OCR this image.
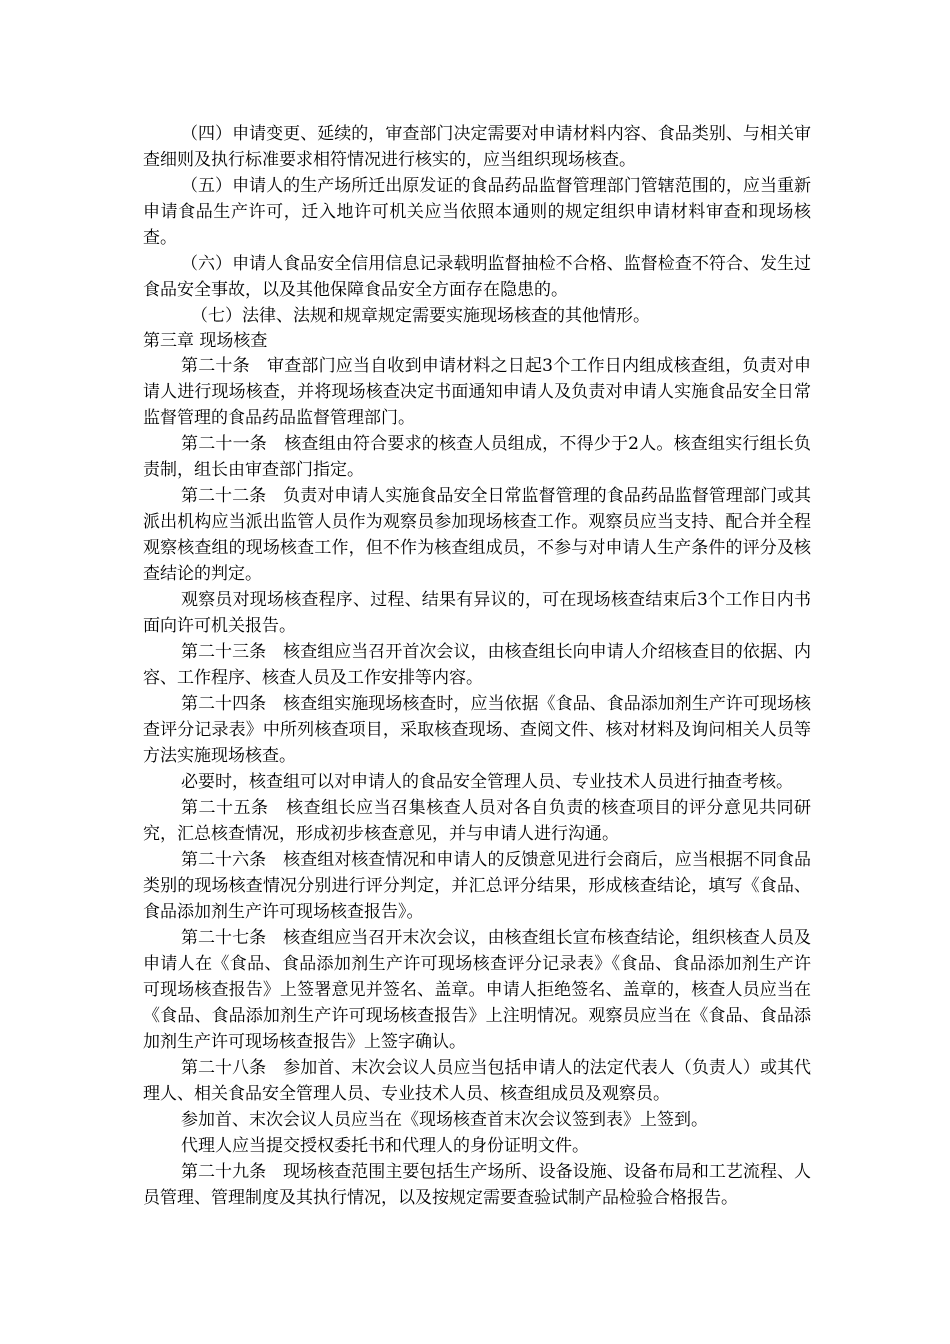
（四）申请变更、延续的，审查部门决定需要对申请材料内容、食品类别、与相关审查细则及执行标准要求相符情况进行核实的，应当组织现场核查。

（五）申请人的生产场所迁出原发证的食品药品监督管理部门管辖范围的，应当重新申请食品生产许可，迁入地许可机关应当依照本通则的规定组织申请材料审查和现场核查。

（六）申请人食品安全信用信息记录载明监督抽检不合格、监督检查不符合、发生过食品安全事故，以及其他保障食品安全方面存在隐患的。

（七）法律、法规和规章规定需要实施现场核查的其他情形。

第三章 现场核查

第二十条　审查部门应当自收到申请材料之日起3个工作日内组成核查组，负责对申请人进行现场核查，并将现场核查决定书面通知申请人及负责对申请人实施食品安全日常监督管理的食品药品监督管理部门。

第二十一条　核查组由符合要求的核查人员组成，不得少于2人。核查组实行组长负责制，组长由审查部门指定。

第二十二条　负责对申请人实施食品安全日常监督管理的食品药品监督管理部门或其派出机构应当派出监管人员作为观察员参加现场核查工作。观察员应当支持、配合并全程观察核查组的现场核查工作，但不作为核查组成员，不参与对申请人生产条件的评分及核查结论的判定。

观察员对现场核查程序、过程、结果有异议的，可在现场核查结束后3个工作日内书面向许可机关报告。

第二十三条　核查组应当召开首次会议，由核查组长向申请人介绍核查目的依据、内容、工作程序、核查人员及工作安排等内容。

第二十四条　核查组实施现场核查时，应当依据《食品、食品添加剂生产许可现场核查评分记录表》中所列核查项目，采取核查现场、查阅文件、核对材料及询问相关人员等方法实施现场核查。

必要时，核查组可以对申请人的食品安全管理人员、专业技术人员进行抽查考核。

第二十五条　核查组长应当召集核查人员对各自负责的核查项目的评分意见共同研究，汇总核查情况，形成初步核查意见，并与申请人进行沟通。

第二十六条　核查组对核查情况和申请人的反馈意见进行会商后，应当根据不同食品类别的现场核查情况分别进行评分判定，并汇总评分结果，形成核查结论，填写《食品、食品添加剂生产许可现场核查报告》。

第二十七条　核查组应当召开末次会议，由核查组长宣布核查结论，组织核查人员及申请人在《食品、食品添加剂生产许可现场核查评分记录表》《食品、食品添加剂生产许可现场核查报告》上签署意见并签名、盖章。申请人拒绝签名、盖章的，核查人员应当在《食品、食品添加剂生产许可现场核查报告》上注明情况。观察员应当在《食品、食品添加剂生产许可现场核查报告》上签字确认。

第二十八条　参加首、末次会议人员应当包括申请人的法定代表人（负责人）或其代理人、相关食品安全管理人员、专业技术人员、核查组成员及观察员。

参加首、末次会议人员应当在《现场核查首末次会议签到表》上签到。

代理人应当提交授权委托书和代理人的身份证明文件。

第二十九条　现场核查范围主要包括生产场所、设备设施、设备布局和工艺流程、人员管理、管理制度及其执行情况，以及按规定需要查验试制产品检验合格报告。
